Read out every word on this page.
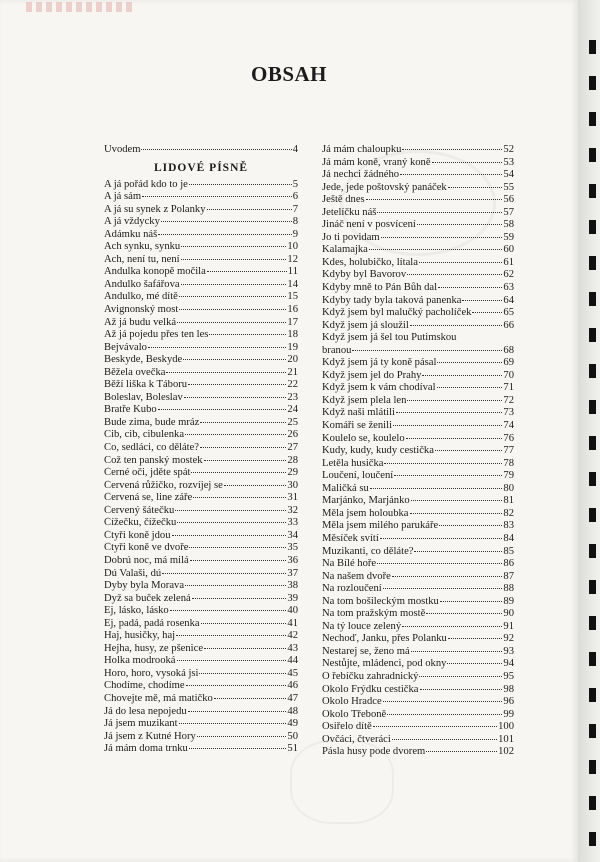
OBSAH
Úvodem	4
LIDOVÉ PÍSNĚ
A já pořád kdo to je	5
A já sám	6
A já su synek z Polanky	7
A já vždycky	8
Adámku náš	9
Ach synku, synku	10
Ach, není tu, není	12
Andulka konopě močila	11
Andulko šafářova	14
Andulko, mé dítě	15
Avignonský most	16
Až já budu velká	17
Až já pojedu přes ten les	18
Bejvávalo	19
Beskyde, Beskyde	20
Běžela ovečka	21
Běží liška k Táboru	22
Boleslav, Boleslav	23
Bratře Kubo	24
Bude zima, bude mráz	25
Cib, cib, cibulenka	26
Co, sedláci, co děláte?	27
Což ten panský mostek	28
Černé oči, jděte spát	29
Červená růžičko, rozvíjej se	30
Červená se, line záře	31
Červený šátečku	32
Čížečku, čížečku	33
Čtyři koně jdou	34
Čtyři koně ve dvoře	35
Dobrú noc, má milá	36
Dú Valaši, dú	37
Dyby byla Morava	38
Dyž sa buček zelená	39
Ej, lásko, lásko	40
Ej, padá, padá rosenka	41
Haj, husičky, haj	42
Hejha, husy, ze pšenice	43
Holka modrooká	44
Horo, horo, vysoká jsi	45
Chodíme, chodíme	46
Chovejte mě, má matičko	47
Já do lesa nepojedu	48
Já jsem muzikant	49
Já jsem z Kutné Hory	50
Já mám doma trnku	51
Já mám chaloupku	52
Já mám koně, vraný koně	53
Já nechci žádného	54
Jede, jede poštovský panáček	55
Ještě dnes	56
Jetelíčku náš	57
Jináč není v posvícení	58
Jo ti povidam	59
Kalamajka	60
Kdes, holubičko, lítala	61
Kdyby byl Bavorov	62
Kdyby mně to Pán Bůh dal	63
Kdyby tady byla taková panenka	64
Když jsem byl malučký pacholíček	65
Když jsem já sloužil	66
Když jsem já šel tou Putimskou
branou	68
Když jsem já ty koně pásal	69
Když jsem jel do Prahy	70
Když jsem k vám chodíval	71
Když jsem plela len	72
Když naši mlátili	73
Komáři se ženili	74
Koulelo se, koulelo	76
Kudy, kudy, kudy cestička	77
Letěla husička	78
Loučení, loučení	79
Maličká su	80
Marjánko, Marjánko	81
Měla jsem holoubka	82
Měla jsem milého parukáře	83
Měsíček svítí	84
Muzikanti, co děláte?	85
Na Bílé hoře	86
Na našem dvoře	87
Na rozloučení	88
Na tom bošileckým mostku	89
Na tom pražským mostě	90
Na tý louce zelený	91
Nechoď, Janku, přes Polanku	92
Nestarej se, ženo má	93
Nestůjte, mládenci, pod okny	94
Ó řebíčku zahradnický	95
Okolo Frýdku cestička	98
Okolo Hradce	96
Okolo Třeboně	99
Osiřelo dítě	100
Ovčáci, čtveráci	101
Pásla husy pode dvorem	102
